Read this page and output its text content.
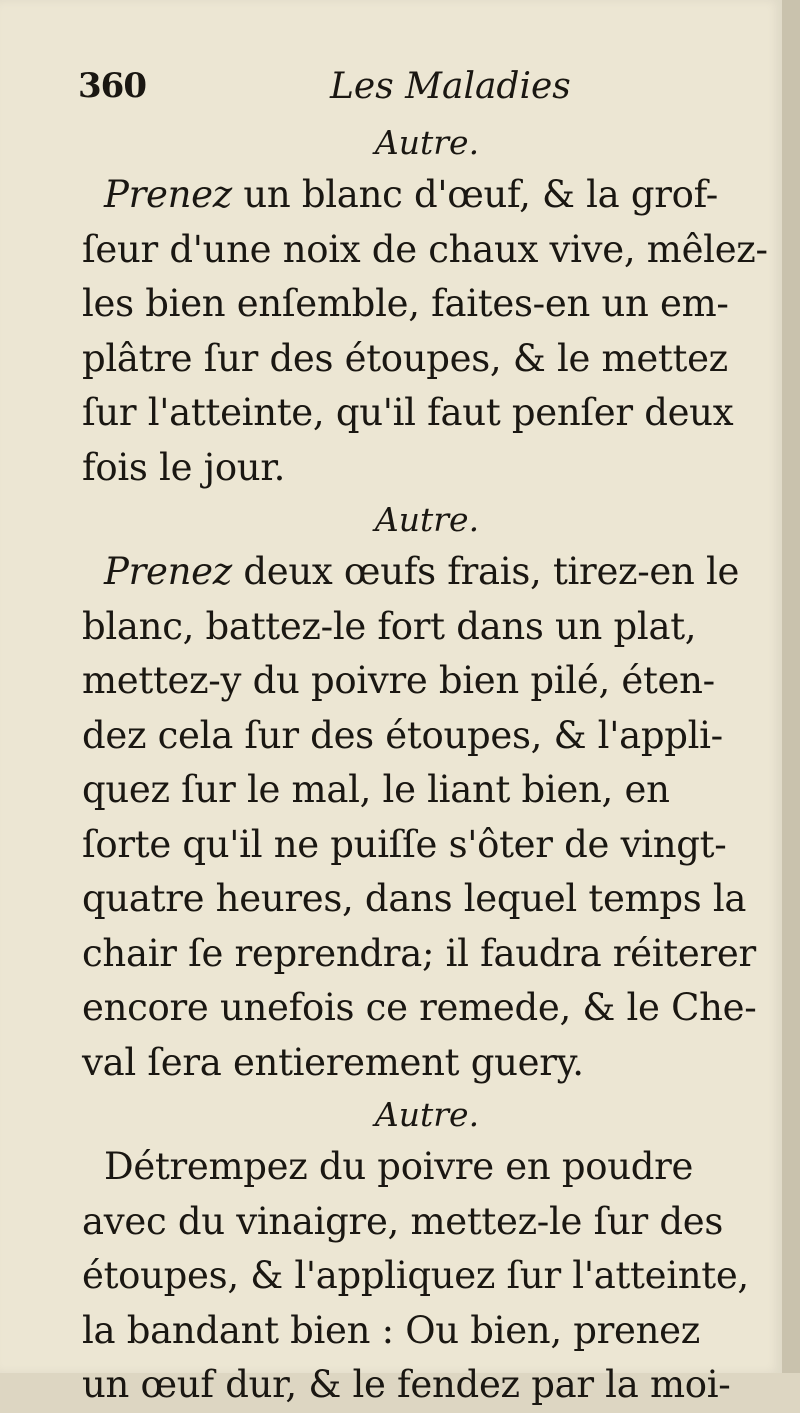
360	Les Maladies

Autre.

Prenez un blanc d'œuf, & la grof-

ſeur d'une noix de chaux vive, mêlez-

les bien enſemble, faites-en un em-

plâtre ſur des étoupes, & le mettez

ſur l'atteinte, qu'il faut penſer deux

fois le jour.

Autre.

Prenez deux œufs frais, tirez-en le

blanc, battez-le fort dans un plat,

mettez-y du poivre bien pilé, éten-

dez cela ſur des étoupes, & l'appli-

quez ſur le mal, le liant bien, en

ſorte qu'il ne puiſſe s'ôter de vingt-

quatre heures, dans lequel temps la

chair ſe reprendra; il faudra réiterer

encore unefois ce remede, & le Che-

val ſera entierement guery.

Autre.

Détrempez du poivre en poudre

avec du vinaigre, mettez-le ſur des

étoupes, & l'appliquez ſur l'atteinte,

la bandant bien : Ou bien, prenez

un œuf dur, & le fendez par la moi-
